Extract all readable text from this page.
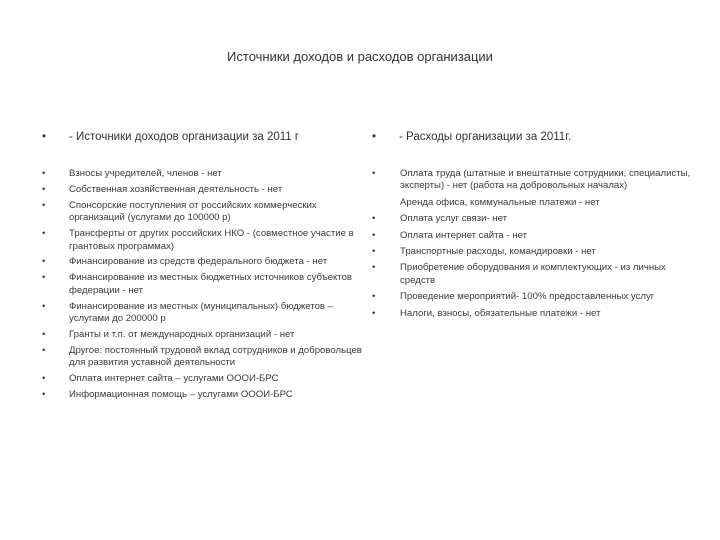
Источники доходов и расходов организации
• - Источники доходов организации за 2011 г
• Взносы учредителей, членов - нет
• Собственная хозяйственная деятельность - нет
• Спонсорские поступления от российских коммерческих организаций (услугами до 100000 р)
• Трансферты от других российских НКО - (совместное участие в грантовых программах)
• Финансирование из средств федерального бюджета - нет
• Финансирование из местных бюджетных источников субъектов федерации - нет
• Финансирование из местных (муниципальных) бюджетов – услугами до 200000 р
• Гранты и т.п. от международных организаций - нет
• Другое: постоянный трудовой вклад сотрудников и добровольцев для развития уставной деятельности
• Оплата интернет сайта – услугами ОООИ-БРС
• Информационная помощь – услугами ОООИ-БРС
• - Расходы организации за 2011г.
•	Оплата труда (штатные и внештатные сотрудники, специалисты, эксперты) - нет (работа на добровольных началах)
Аренда офиса, коммунальные платежи - нет
•	Оплата услуг связи- нет
•	Оплата интернет сайта - нет
•	Транспортные расходы, командировки - нет
•	Приобретение оборудования и комплектующих - из личных средств
•	Проведение мероприятий- 100% предоставленных услуг
•	Налоги, взносы, обязательные платежи - нет
